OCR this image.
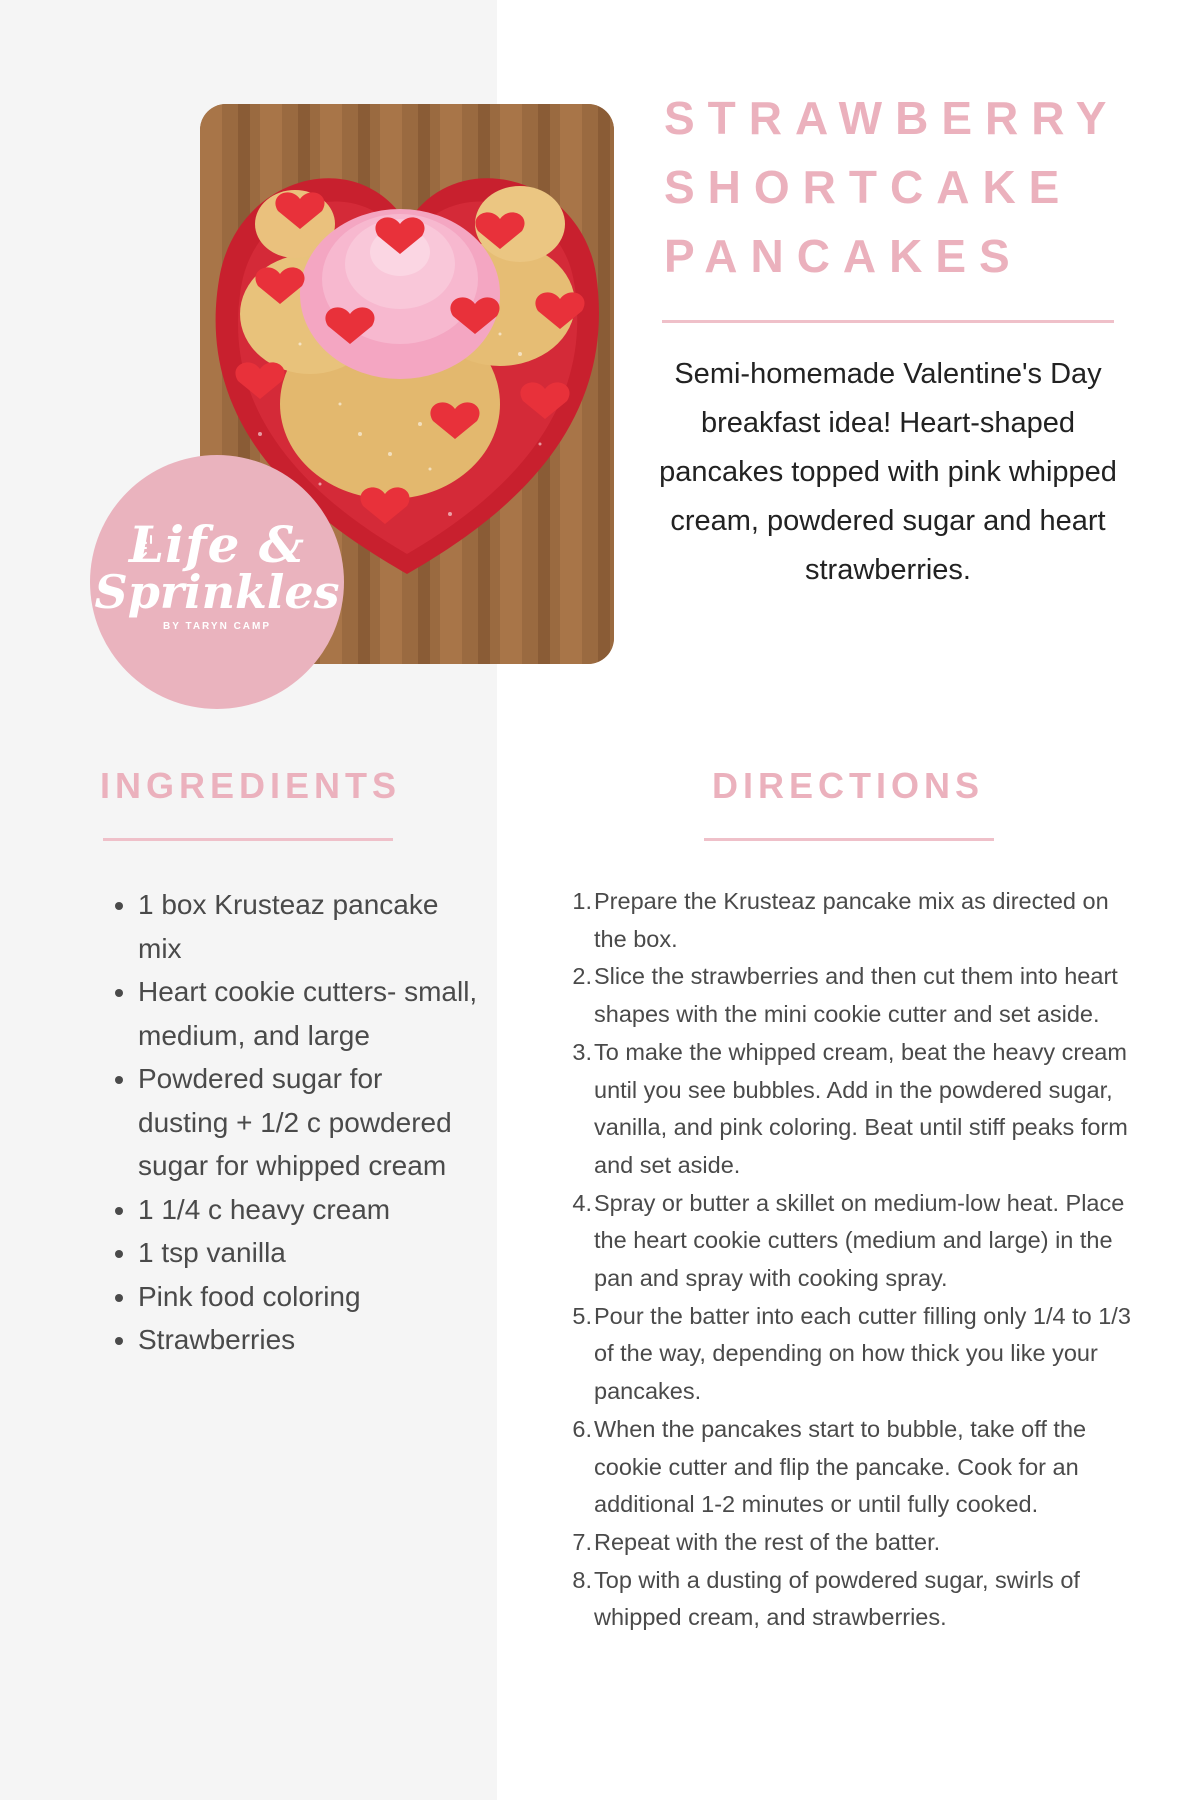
Life &
Sprinkles
BY TARYN CAMP
STRAWBERRY
SHORTCAKE
PANCAKES

Semi-homemade Valentine's Day breakfast idea! Heart-shaped pancakes topped with pink whipped cream, powdered sugar and heart strawberries.

INGREDIENTS	DIRECTIONS
• 1 box Krusteaz pancake mix
• Heart cookie cutters- small, medium, and large
• Powdered sugar for dusting + 1/2 c powdered sugar for whipped cream
• 1 1/4 c heavy cream
• 1 tsp vanilla
• Pink food coloring
• Strawberries
1. Prepare the Krusteaz pancake mix as directed on the box.
2. Slice the strawberries and then cut them into heart shapes with the mini cookie cutter and set aside.
3. To make the whipped cream, beat the heavy cream until you see bubbles. Add in the powdered sugar, vanilla, and pink coloring. Beat until stiff peaks form and set aside.
4. Spray or butter a skillet on medium-low heat. Place the heart cookie cutters (medium and large) in the pan and spray with cooking spray.
5. Pour the batter into each cutter filling only 1/4 to 1/3 of the way, depending on how thick you like your pancakes.
6. When the pancakes start to bubble, take off the cookie cutter and flip the pancake. Cook for an additional 1-2 minutes or until fully cooked.
7. Repeat with the rest of the batter.
8. Top with a dusting of powdered sugar, swirls of whipped cream, and strawberries.
